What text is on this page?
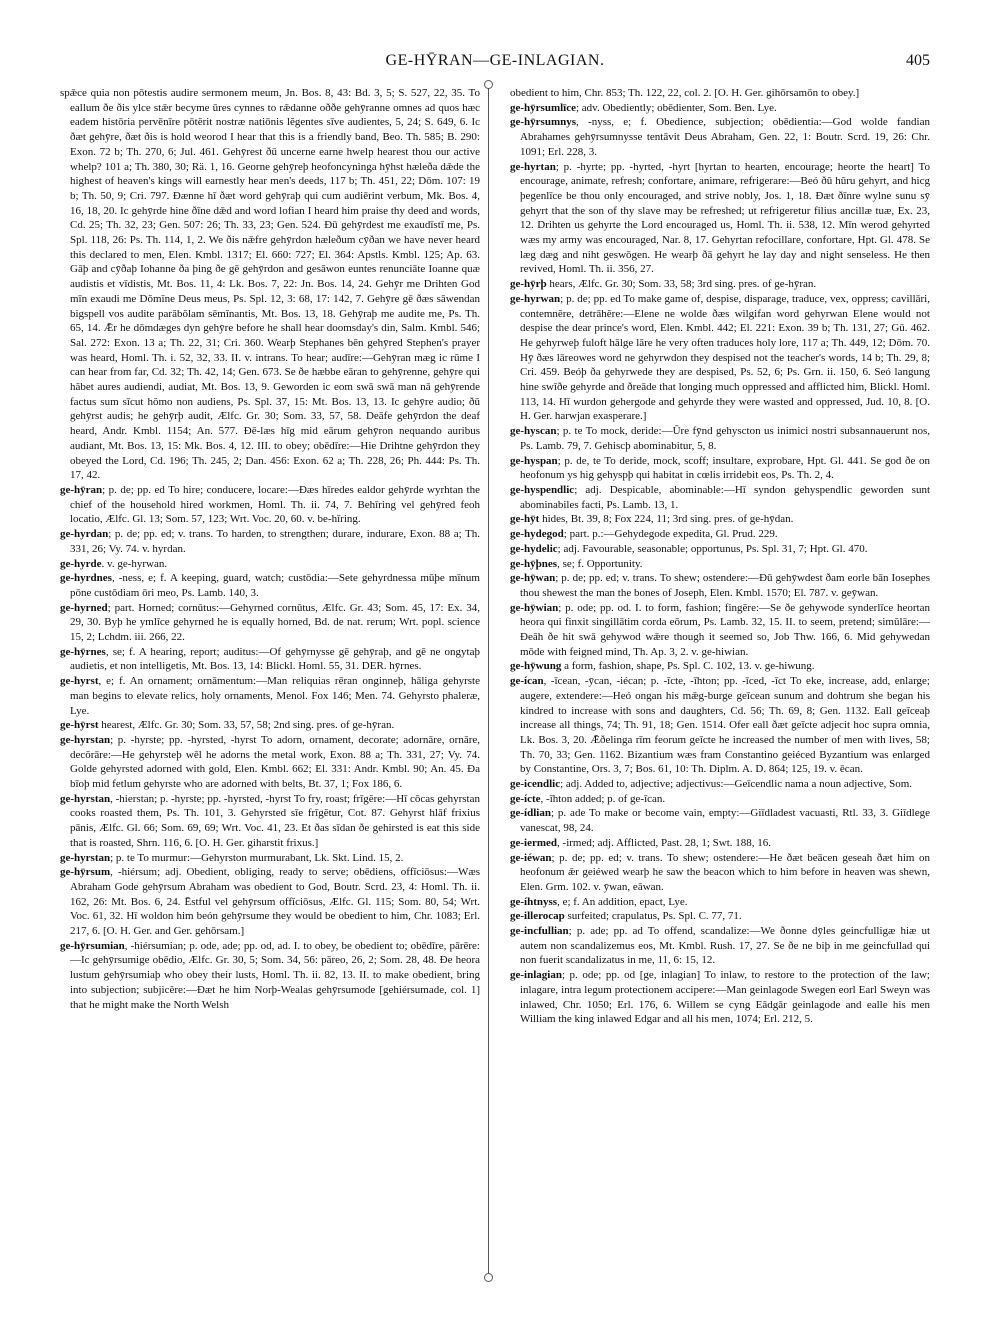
GE-HȲRAN—GE-INLAGIAN.	405

spǣce quia non pōtestis audire sermonem meum, Jn. Bos. 8, 43: Bd. 3, 5; S. 527, 22, 35. To eallum ðe ðis ylce stǣr becyme ūres cynnes to rǣdanne oððe gehȳranne omnes ad quos hæc eadem histōria pervēnīre pōtĕrit nostræ natiōnis lĕgentes sīve audientes, 5, 24; S. 649, 6. Ic ðæt gehȳre, ðæt ðis is hold weorod I hear that this is a friendly band, Beo. Th. 585; B. 290: Exon. 72 b; Th. 270, 6; Jul. 461. Gehȳrest ðū uncerne earne hwelp hearest thou our active whelp? 101 a; Th. 380, 30; Rä. 1, 16. Georne gehȳreþ heofoncyninga hȳhst hæleða dǣde the highest of heaven's kings will earnestly hear men's deeds, 117 b; Th. 451, 22; Dōm. 107: 19 b; Th. 50, 9; Cri. 797. Ðænne hī ðæt word gehȳraþ qui cum audiērint verbum, Mk. Bos. 4, 16, 18, 20. Ic gehȳrde hine ðīne dǣd and word lofian I heard him praise thy deed and words, Cd. 25; Th. 32, 23; Gen. 507: 26; Th. 33, 23; Gen. 524. Ðū gehȳrdest me exaudīstī me, Ps. Spl. 118, 26: Ps. Th. 114, 1, 2. We ðis nǣfre gehȳrdon hæleðum cȳðan we have never heard this declared to men, Elen. Kmbl. 1317; El. 660: 727; El. 364: Apstls. Kmbl. 125; Ap. 63. Gāþ and cȳðaþ Iohanne ða þing ðe gē gehȳrdon and gesāwon euntes renunciāte Ioanne quæ audistis et vīdistis, Mt. Bos. 11, 4: Lk. Bos. 7, 22: Jn. Bos. 14, 24. Gehȳr me Drihten God mīn exaudi me Dŏmĭne Deus meus, Ps. Spl. 12, 3: 68, 17: 142, 7. Gehȳre gē ðæs sāwendan bigspell vos audite parăbŏlam sēmĭnantis, Mt. Bos. 13, 18. Gehȳraþ me audite me, Ps. Th. 65, 14. Ǣr he dōmdæges dyn gehȳre before he shall hear doomsday's din, Salm. Kmbl. 546; Sal. 272: Exon. 13 a; Th. 22, 31; Cri. 360. Wearþ Stephanes bēn gehȳred Stephen's prayer was heard, Homl. Th. i. 52, 32, 33. II. v. intrans. To hear; audīre:—Gehȳran mæg ic rūme I can hear from far, Cd. 32; Th. 42, 14; Gen. 673. Se ðe hæbbe eāran to gehȳrenne, gehȳre qui hăbet aures audiendi, audiat, Mt. Bos. 13, 9. Geworden ic eom swā swā man nā gehȳrende factus sum sīcut hŏmo non audiens, Ps. Spl. 37, 15: Mt. Bos. 13, 13. Ic gehȳre audio; ðū gehȳrst audis; he gehȳrþ audit, Ælfc. Gr. 30; Som. 33, 57, 58. Deāfe gehȳrdon the deaf heard, Andr. Kmbl. 1154; An. 577. Ðē-læs hīg mid eārum gehȳron nequando auribus audiant, Mt. Bos. 13, 15: Mk. Bos. 4, 12. III. to obey; obēdīre:—Hie Drihtne gehȳrdon they obeyed the Lord, Cd. 196; Th. 245, 2; Dan. 456: Exon. 62 a; Th. 228, 26; Ph. 444: Ps. Th. 17, 42.

ge-hȳran; p. de; pp. ed To hire; conducere, locare:—Ðæs hīredes ealdor gehȳrde wyrhtan the chief of the household hired workmen, Homl. Th. ii. 74, 7. Behīring vel gehȳred feoh locatio, Ælfc. Gl. 13; Som. 57, 123; Wrt. Voc. 20, 60. v. be-hīring.

ge-hyrdan; p. de; pp. ed; v. trans. To harden, to strengthen; durare, indurare, Exon. 88 a; Th. 331, 26; Vy. 74. v. hyrdan.

ge-hyrde. v. ge-hyrwan.

ge-hyrdnes, -ness, e; f. A keeping, guard, watch; custōdia:—Sete gehyrdnessa mūþe mīnum pōne custōdiam ōri meo, Ps. Lamb. 140, 3.

ge-hyrned; part. Horned; cornūtus:—Gehyrned cornūtus, Ælfc. Gr. 43; Som. 45, 17: Ex. 34, 29, 30. Byþ he ymlīce gehyrned he is equally horned, Bd. de nat. rerum; Wrt. popl. science 15, 2; Lchdm. iii. 266, 22.

ge-hȳrnes, se; f. A hearing, report; auditus:—Of gehȳrnysse gē gehȳraþ, and gē ne ongytaþ audietis, et non intelligetis, Mt. Bos. 13, 14: Blickl. Homl. 55, 31. DER. hȳrnes.

ge-hyrst, e; f. An ornament; ornāmentum:—Man reliquias rēran onginneþ, hāliga gehyrste man begins to elevate relics, holy ornaments, Menol. Fox 146; Men. 74. Gehyrsto phaleræ, Lye.

ge-hȳrst hearest, Ælfc. Gr. 30; Som. 33, 57, 58; 2nd sing. pres. of ge-hȳran.

ge-hyrstan; p. -hyrste; pp. -hyrsted, -hyrst To adorn, ornament, decorate; adornāre, ornāre, decŏrāre:—He gehyrsteþ wēl he adorns the metal work, Exon. 88 a; Th. 331, 27; Vy. 74. Golde gehyrsted adorned with gold, Elen. Kmbl. 662; El. 331: Andr. Kmbl. 90; An. 45. Ða bīoþ mid fetlum gehyrste who are adorned with belts, Bt. 37, 1; Fox 186, 6.

ge-hyrstan, -hierstan; p. -hyrste; pp. -hyrsted, -hyrst To fry, roast; frīgĕre:—Hī cōcas gehyrstan cooks roasted them, Ps. Th. 101, 3. Gehyrsted sīe frīgĕtur, Cot. 87. Gehyrst hlāf frixius pānis, Ælfc. Gl. 66; Som. 69, 69; Wrt. Voc. 41, 23. Et ðas sīdan ðe gehirsted is eat this side that is roasted, Shrn. 116, 6. [O. H. Ger. giharstit frixus.]

ge-hyrstan; p. te To murmur:—Gehyrston murmurabant, Lk. Skt. Lind. 15, 2.

ge-hȳrsum, -hiérsum; adj. Obedient, obliging, ready to serve; obēdiens, offĭciōsus:—Wæs Abraham Gode gehȳrsum Abraham was obedient to God, Boutr. Scrd. 23, 4: Homl. Th. ii. 162, 26: Mt. Bos. 6, 24. Ēstful vel gehȳrsum offĭciōsus, Ælfc. Gl. 115; Som. 80, 54; Wrt. Voc. 61, 32. Hī woldon him beón gehȳrsume they would be obedient to him, Chr. 1083; Erl. 217, 6. [O. H. Ger. and Ger. gehōrsam.]

ge-hȳrsumian, -hiérsumian; p. ode, ade; pp. od, ad. I. to obey, be obedient to; obēdīre, pārēre:—Ic gehȳrsumige obēdio, Ælfc. Gr. 30, 5; Som. 34, 56: pāreo, 26, 2; Som. 28, 48. Ðe heora lustum gehȳrsumiaþ who obey their lusts, Homl. Th. ii. 82, 13. II. to make obedient, bring into subjection; subjicĕre:—Ðæt he him Norþ-Wealas gehȳrsumode [gehiérsumade, col. 1] that he might make the North Welsh

obedient to him, Chr. 853; Th. 122, 22, col. 2. [O. H. Ger. gihōrsamōn to obey.]

ge-hȳrsumlīce; adv. Obediently; obēdienter, Som. Ben. Lye.

ge-hȳrsumnys, -nyss, e; f. Obedience, subjection; obēdientia:—God wolde fandian Abrahames gehȳrsumnysse tentāvit Deus Abraham, Gen. 22, 1: Boutr. Scrd. 19, 26: Chr. 1091; Erl. 228, 3.

ge-hyrtan; p. -hyrte; pp. -hyrted, -hyrt [hyrtan to hearten, encourage; heorte the heart] To encourage, animate, refresh; confortare, animare, refrigerare:—Beó ðū hūru gehyrt, and hicg þegenlīce be thou only encouraged, and strive nobly, Jos. 1, 18. Ðæt ðīnre wylne sunu sȳ gehyrt that the son of thy slave may be refreshed; ut refrigeretur filius ancillæ tuæ, Ex. 23, 12. Drihten us gehyrte the Lord encouraged us, Homl. Th. ii. 538, 12. Mīn werod gehyrted wæs my army was encouraged, Nar. 8, 17. Gehyrtan refocillare, confortare, Hpt. Gl. 478. Se læg dæg and niht geswōgen. He wearþ ðā gehyrt he lay day and night senseless. He then revived, Homl. Th. ii. 356, 27.

ge-hȳrþ hears, Ælfc. Gr. 30; Som. 33, 58; 3rd sing. pres. of ge-hȳran.

ge-hyrwan; p. de; pp. ed To make game of, despise, disparage, traduce, vex, oppress; cavillāri, contemnĕre, detrāhĕre:—Elene ne wolde ðæs wilgifan word gehyrwan Elene would not despise the dear prince's word, Elen. Kmbl. 442; El. 221: Exon. 39 b; Th. 131, 27; Gū. 462. He gehyrweþ fuloft hālge lāre he very often traduces holy lore, 117 a; Th. 449, 12; Dōm. 70. Hȳ ðæs lāreowes word ne gehyrwdon they despised not the teacher's words, 14 b; Th. 29, 8; Cri. 459. Beóþ ða gehyrwede they are despised, Ps. 52, 6; Ps. Grn. ii. 150, 6. Seó langung hine swīðe gehyrde and ðreāde that longing much oppressed and afflicted him, Blickl. Homl. 113, 14. Hī wurdon gehergode and gehyrde they were wasted and oppressed, Jud. 10, 8. [O. H. Ger. harwjan exasperare.]

ge-hyscan; p. te To mock, deride:—Ūre fȳnd gehyscton us inimici nostri subsannauerunt nos, Ps. Lamb. 79, 7. Gehiscþ abominabitur, 5, 8.

ge-hyspan; p. de, te To deride, mock, scoff; insultare, exprobare, Hpt. Gl. 441. Se god ðe on heofonum ys hig gehyspþ qui habitat in cœlis irridebit eos, Ps. Th. 2, 4.

ge-hyspendlic; adj. Despicable, abominable:—Hī syndon gehyspendlic geworden sunt abominabiles facti, Ps. Lamb. 13, 1.

ge-hȳt hides, Bt. 39, 8; Fox 224, 11; 3rd sing. pres. of ge-hȳdan.

ge-hydegod; part. p.:—Gehydegode expedita, Gl. Prud. 229.

ge-hydelic; adj. Favourable, seasonable; opportunus, Ps. Spl. 31, 7; Hpt. Gl. 470.

ge-hȳþnes, se; f. Opportunity.

ge-hȳwan; p. de; pp. ed; v. trans. To shew; ostendere:—Ðū gehȳwdest ðam eorle bān Iosephes thou shewest the man the bones of Joseph, Elen. Kmbl. 1570; El. 787. v. geȳwan.

ge-hȳwian; p. ode; pp. od. I. to form, fashion; fingĕre:—Se ðe gehywode synderlīce heortan heora qui finxit singillātim corda eōrum, Ps. Lamb. 32, 15. II. to seem, pretend; simŭlāre:—Ðeāh ðe hit swā gehywod wǣre though it seemed so, Job Thw. 166, 6. Mid gehywedan mōde with feigned mind, Th. Ap. 3, 2. v. ge-hiwian.

ge-hȳwung a form, fashion, shape, Ps. Spl. C. 102, 13. v. ge-hiwung.

ge-ícan, -īcean, -ȳcan, -iécan; p. -īcte, -īhton; pp. -īced, -īct To eke, increase, add, enlarge; augere, extendere:—Heó ongan his mǣg-burge geīcean sunum and dohtrum she began his kindred to increase with sons and daughters, Cd. 56; Th. 69, 8; Gen. 1132. Eall geīceaþ increase all things, 74; Th. 91, 18; Gen. 1514. Ofer eall ðæt geīcte adjecit hoc supra omnia, Lk. Bos. 3, 20. Ǣðelinga rīm feorum geīcte he increased the number of men with lives, 58; Th. 70, 33; Gen. 1162. Bizantium wæs fram Constantino geiéced Byzantium was enlarged by Constantine, Ors. 3, 7; Bos. 61, 10: Th. Diplm. A. D. 864; 125, 19. v. ēcan.

ge-icendlic; adj. Added to, adjective; adjectivus:—Geīcendlic nama a noun adjective, Som.

ge-ícte, -īhton added; p. of ge-īcan.

ge-ídlian; p. ade To make or become vain, empty:—Giīdladest vacuasti, Rtl. 33, 3. Giīdlege vanescat, 98, 24.

ge-iermed, -irmed; adj. Afflicted, Past. 28, 1; Swt. 188, 16.

ge-iéwan; p. de; pp. ed; v. trans. To shew; ostendere:—He ðæt beācen geseah ðæt him on heofonum ǣr geiéwed wearþ he saw the beacon which to him before in heaven was shewn, Elen. Grm. 102. v. ȳwan, eāwan.

ge-íhtnyss, e; f. An addition, epact, Lye.

ge-illerocap surfeited; crapulatus, Ps. Spl. C. 77, 71.

ge-incfullian; p. ade; pp. ad To offend, scandalize:—We ðonne dȳles geincfulligæ hiæ ut autem non scandalizemus eos, Mt. Kmbl. Rush. 17, 27. Se ðe ne biþ in me geincfullad qui non fuerit scandalizatus in me, 11, 6: 15, 12.

ge-inlagian; p. ode; pp. od [ge, inlagian] To inlaw, to restore to the protection of the law; inlagare, intra legum protectionem accipere:—Man geinlagode Swegen eorl Earl Sweyn was inlawed, Chr. 1050; Erl. 176, 6. Willem se cyng Eādgār geinlagode and ealle his men William the king inlawed Edgar and all his men, 1074; Erl. 212, 5.
